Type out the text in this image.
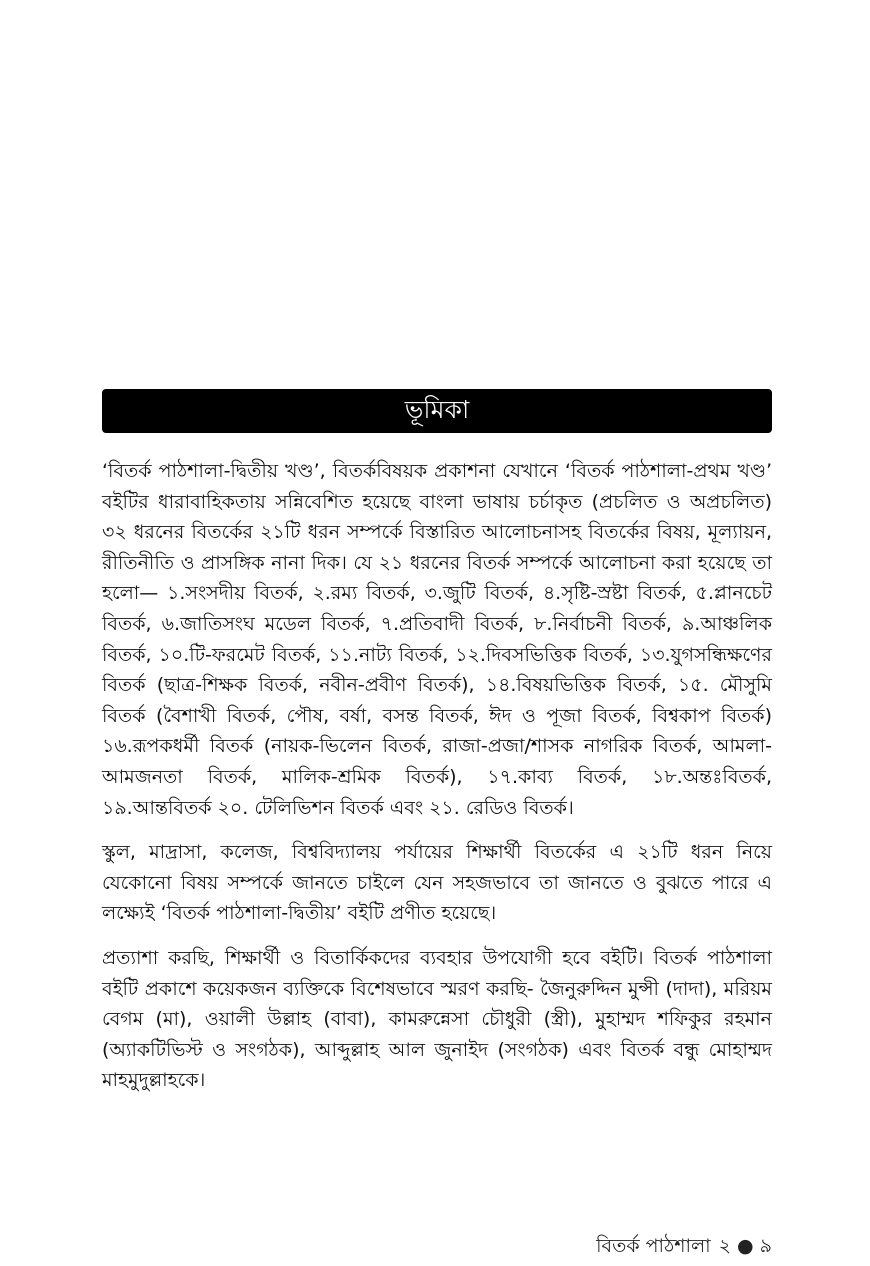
ভূমিকা

‘বিতর্ক পাঠশালা-দ্বিতীয় খণ্ড’, বিতর্কবিষয়ক প্রকাশনা যেখানে ‘বিতর্ক পাঠশালা-প্রথম খণ্ড’ বইটির ধারাবাহিকতায় সন্নিবেশিত হয়েছে বাংলা ভাষায় চর্চাকৃত (প্রচলিত ও অপ্রচলিত) ৩২ ধরনের বিতর্কের ২১টি ধরন সম্পর্কে বিস্তারিত আলোচনাসহ বিতর্কের বিষয়, মূল্যায়ন, রীতিনীতি ও প্রাসঙ্গিক নানা দিক। যে ২১ ধরনের বিতর্ক সম্পর্কে আলোচনা করা হয়েছে তা হলো— ১.সংসদীয় বিতর্ক, ২.রম্য বিতর্ক, ৩.জুটি বিতর্ক, ৪.সৃষ্টি-স্রষ্টা বিতর্ক, ৫.প্লানচেট বিতর্ক, ৬.জাতিসংঘ মডেল বিতর্ক, ৭.প্রতিবাদী বিতর্ক, ৮.নির্বাচনী বিতর্ক, ৯.আঞ্চলিক বিতর্ক, ১০.টি-ফরমেট বিতর্ক, ১১.নাট্য বিতর্ক, ১২.দিবসভিত্তিক বিতর্ক, ১৩.যুগসন্ধিক্ষণের বিতর্ক (ছাত্র-শিক্ষক বিতর্ক, নবীন-প্রবীণ বিতর্ক), ১৪.বিষয়ভিত্তিক বিতর্ক, ১৫. মৌসুমি বিতর্ক (বৈশাখী বিতর্ক, পৌষ, বর্ষা, বসন্ত বিতর্ক, ঈদ ও পূজা বিতর্ক, বিশ্বকাপ বিতর্ক) ১৬.রূপকধর্মী বিতর্ক (নায়ক-ভিলেন বিতর্ক, রাজা-প্রজা/শাসক নাগরিক বিতর্ক, আমলা-আমজনতা বিতর্ক, মালিক-শ্রমিক বিতর্ক), ১৭.কাব্য বিতর্ক, ১৮.অন্তঃবিতর্ক, ১৯.আন্তবিতর্ক ২০. টেলিভিশন বিতর্ক এবং ২১. রেডিও বিতর্ক।

স্কুল, মাদ্রাসা, কলেজ, বিশ্ববিদ্যালয় পর্যায়ের শিক্ষার্থী বিতর্কের এ ২১টি ধরন নিয়ে যেকোনো বিষয় সম্পর্কে জানতে চাইলে যেন সহজভাবে তা জানতে ও বুঝতে পারে এ লক্ষ্যেই ‘বিতর্ক পাঠশালা-দ্বিতীয়’ বইটি প্রণীত হয়েছে।

প্রত্যাশা করছি, শিক্ষার্থী ও বিতার্কিকদের ব্যবহার উপযোগী হবে বইটি। বিতর্ক পাঠশালা বইটি প্রকাশে কয়েকজন ব্যক্তিকে বিশেষভাবে স্মরণ করছি- জৈনুরুদ্দিন মুন্সী (দাদা), মরিয়ম বেগম (মা), ওয়ালী উল্লাহ (বাবা), কামরুন্নেসা চৌধুরী (স্ত্রী), মুহাম্মদ শফিকুর রহমান (অ্যাকটিভিস্ট ও সংগঠক), আব্দুল্লাহ আল জুনাইদ (সংগঠক) এবং বিতর্ক বন্ধু মোহাম্মদ মাহমুদুল্লাহকে।

বিতর্ক পাঠশালা ২ ● ৯
